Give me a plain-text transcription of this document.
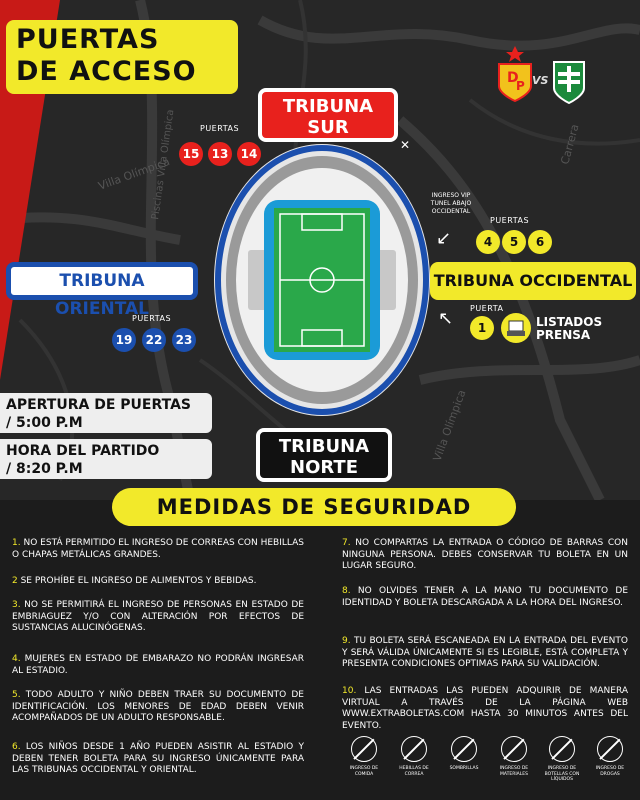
Villa Olímpica
Piscinas Villa Olímpica	Carrera
Villa Olímpica
PUERTAS
DE ACCESO	D
P VS
TRIBUNA
SUR
PUERTAS
15	13	14
✕
TRIBUNA ORIENTAL
PUERTAS
19	22	23
INGRESO VIP TUNEL ABAJO OCCIDENTAL
↙
PUERTAS
4	5	6
TRIBUNA OCCIDENTAL
↖ PUERTA
1	LISTADOS
PRENSA
TRIBUNA
NORTE
APERTURA DE PUERTAS
/ 5:00 P.M
HORA DEL PARTIDO
/ 8:20 P.M
MEDIDAS DE SEGURIDAD
1. NO ESTÁ PERMITIDO EL INGRESO DE CORREAS CON HEBILLAS O CHAPAS METÁLICAS GRANDES.
2 SE PROHÍBE EL INGRESO DE ALIMENTOS Y BEBIDAS.
3. NO SE PERMITIRÁ EL INGRESO DE PERSONAS EN ESTADO DE EMBRIAGUEZ Y/O CON ALTERACIÓN POR EFECTOS DE SUSTANCIAS ALUCINÓGENAS.
4. MUJERES EN ESTADO DE EMBARAZO NO PODRÁN INGRESAR AL ESTADIO.
5. TODO ADULTO Y NIÑO DEBEN TRAER SU DOCUMENTO DE IDENTIFICACIÓN. LOS MENORES DE EDAD DEBEN VENIR ACOMPAÑADOS DE UN ADULTO RESPONSABLE.
6. LOS NIÑOS DESDE 1 AÑO PUEDEN ASISTIR AL ESTADIO Y DEBEN TENER BOLETA PARA SU INGRESO ÚNICAMENTE PARA LAS TRIBUNAS OCCIDENTAL Y ORIENTAL.
7. NO COMPARTAS LA ENTRADA O CÓDIGO DE BARRAS CON NINGUNA PERSONA. DEBES CONSERVAR TU BOLETA EN UN LUGAR SEGURO.
8. NO OLVIDES TENER A LA MANO TU DOCUMENTO DE IDENTIDAD Y BOLETA DESCARGADA A LA HORA DEL INGRESO.
9. TU BOLETA SERÁ ESCANEADA EN LA ENTRADA DEL EVENTO Y SERÁ VÁLIDA ÚNICAMENTE SI ES LEGIBLE, ESTÁ COMPLETA Y PRESENTA CONDICIONES OPTIMAS PARA SU VALIDACIÓN.
10. LAS ENTRADAS LAS PUEDEN ADQUIRIR DE MANERA VIRTUAL A TRAVÉS DE LA PÁGINA WEB WWW.EXTRABOLETAS.COM HASTA 30 MINUTOS ANTES DEL EVENTO.
INGRESO DE COMIDA
HEBILLAS DE CORREA
SOMBRILLAS	INGRESO DE MATERIALES
INGRESO DE BOTELLAS CON LÍQUIDOS
INGRESO DE DROGAS
